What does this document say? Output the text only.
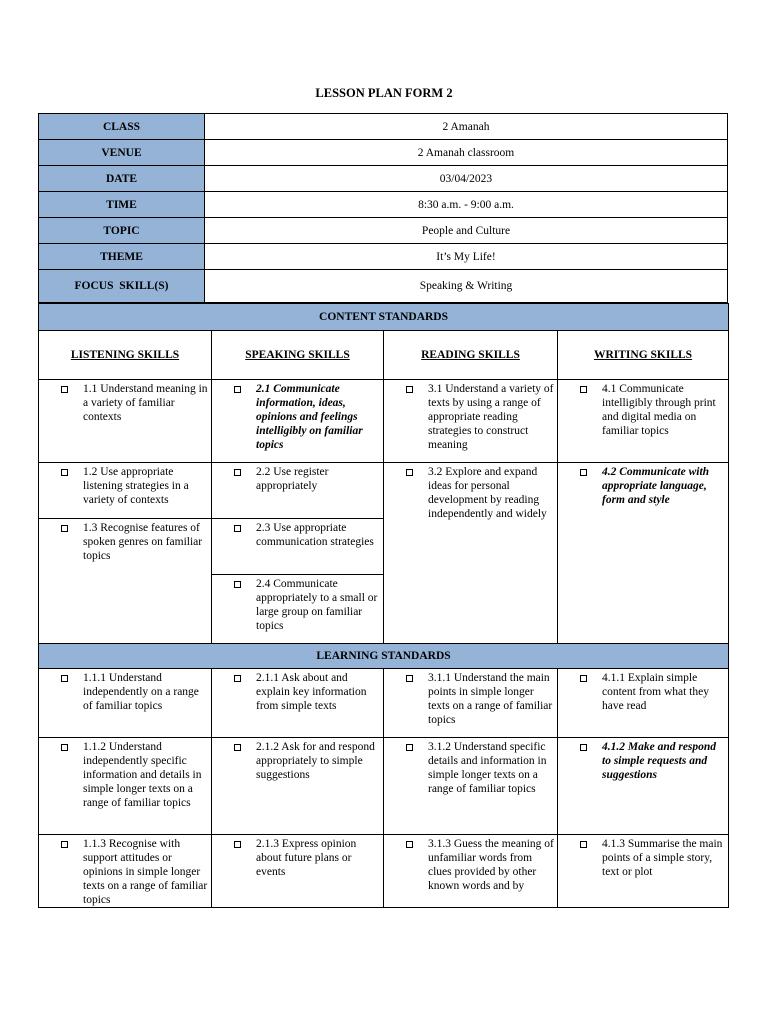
LESSON PLAN FORM 2
CLASS	2 Amanah
VENUE	2 Amanah classroom
DATE	03/04/2023
TIME	8:30 a.m. - 9:00 a.m.
TOPIC	People and Culture
THEME	It’s My Life!
FOCUS  SKILL(S)	Speaking & Writing
CONTENT STANDARDS			
LISTENING SKILLS	SPEAKING SKILLS	READING SKILLS	WRITING SKILLS

1.1 Understand meaning in a variety of familiar contexts	2.1 Communicate information, ideas, opinions and feelings intelligibly on familiar topics	3.1 Understand a variety of texts by using a range of appropriate reading strategies to construct meaning	4.1 Communicate intelligibly through print and digital media on familiar topics

1.2 Use appropriate listening strategies in a variety of contexts	2.2 Use register appropriately	3.2 Explore and expand ideas for personal development by reading independently and widely	4.2 Communicate with appropriate language, form and style

1.3 Recognise features of spoken genres on familiar topics	2.3 Use appropriate communication strategies		

	2.4 Communicate appropriately to a small or large group on familiar topics		

LEARNING STANDARDS			

1.1.1 Understand independently on a range of familiar topics	2.1.1 Ask about and explain key information from simple texts	3.1.1 Understand the main points in simple longer texts on a range of familiar topics	4.1.1 Explain simple content from what they have read

1.1.2 Understand independently specific information and details in simple longer texts on a range of familiar topics	2.1.2 Ask for and respond appropriately to simple suggestions	3.1.2 Understand specific details and information in simple longer texts on a range of familiar topics	4.1.2 Make and respond to simple requests and suggestions

1.1.3 Recognise with support attitudes or opinions in simple longer texts on a range of familiar topics	2.1.3 Express opinion about future plans or events	3.1.3 Guess the meaning of unfamiliar words from clues provided by other known words and by	4.1.3 Summarise the main points of a simple story, text or plot
